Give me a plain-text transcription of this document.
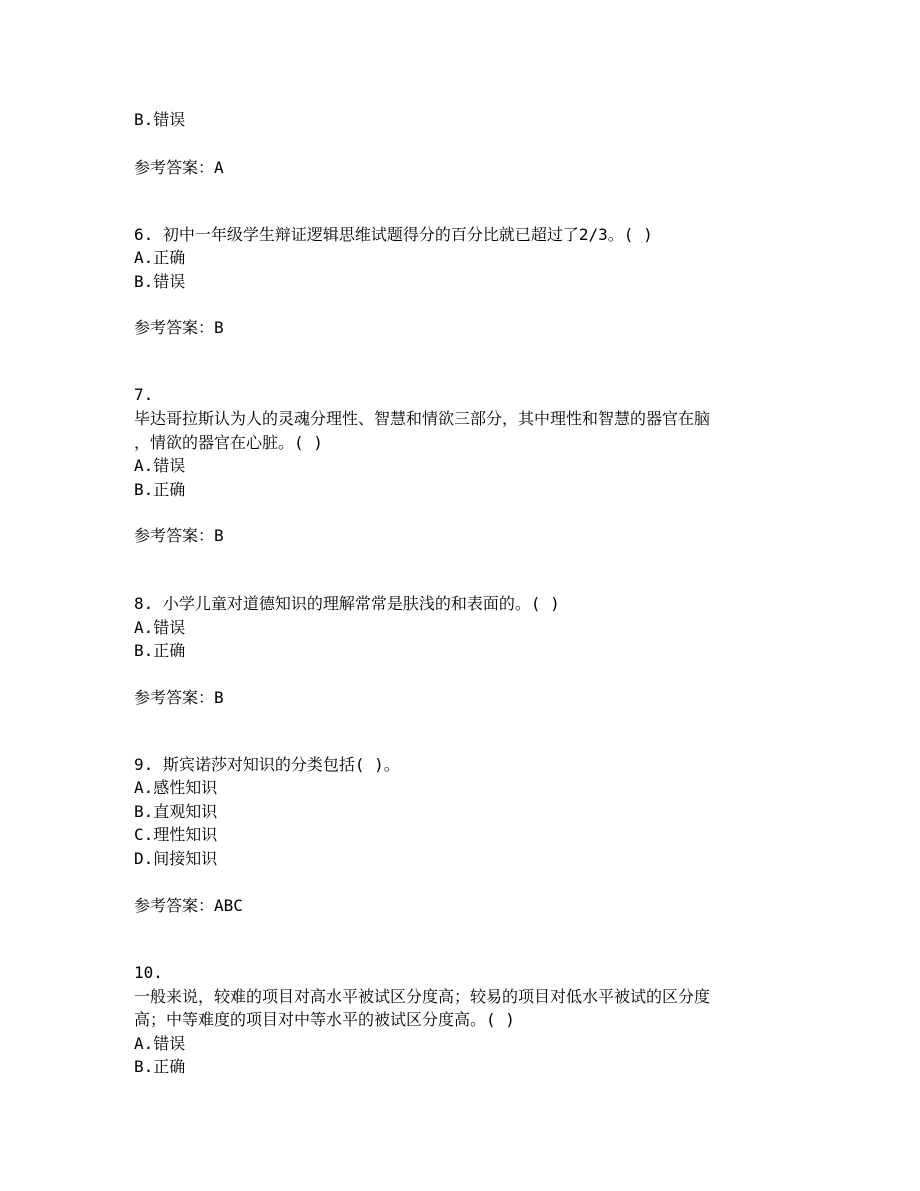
B.错误
参考答案：A
6. 初中一年级学生辩证逻辑思维试题得分的百分比就已超过了2/3。( )
A.正确
B.错误
参考答案：B
7.
毕达哥拉斯认为人的灵魂分理性、智慧和情欲三部分，其中理性和智慧的器官在脑
，情欲的器官在心脏。( )
A.错误
B.正确
参考答案：B
8. 小学儿童对道德知识的理解常常是肤浅的和表面的。( )
A.错误
B.正确
参考答案：B
9. 斯宾诺莎对知识的分类包括( )。
A.感性知识
B.直观知识
C.理性知识
D.间接知识
参考答案：ABC
10.
一般来说，较难的项目对高水平被试区分度高；较易的项目对低水平被试的区分度
高；中等难度的项目对中等水平的被试区分度高。( )
A.错误
B.正确
